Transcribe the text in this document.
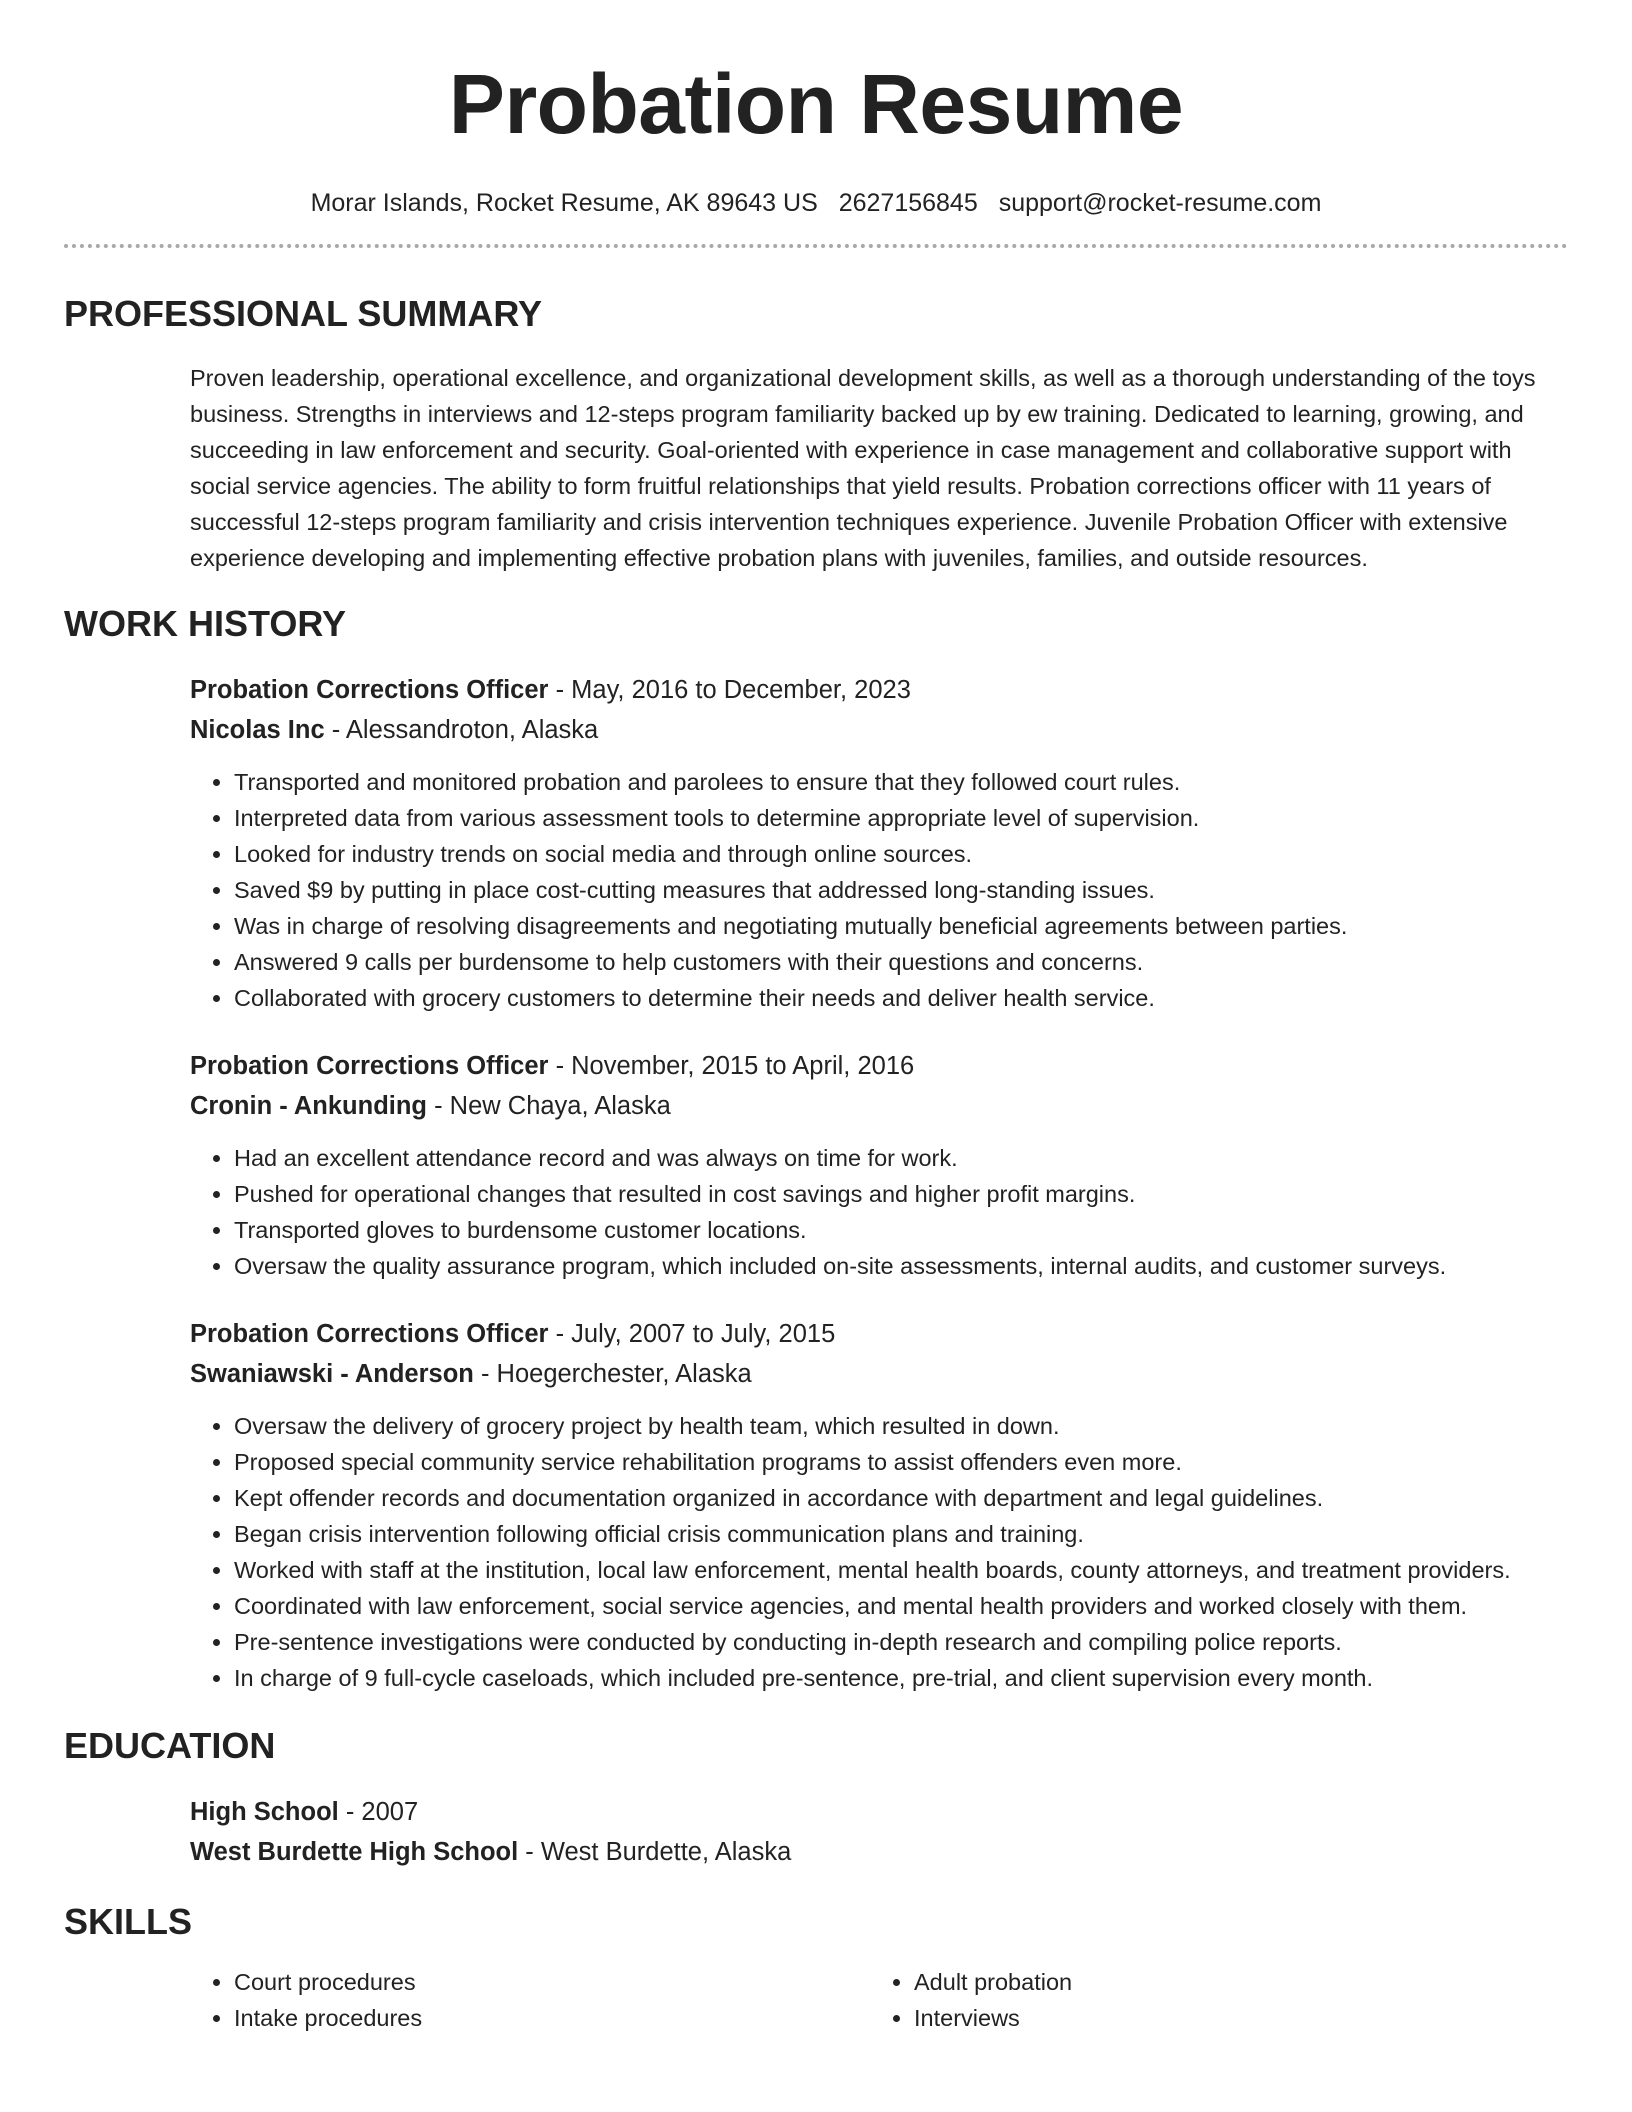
Probation Resume
Morar Islands, Rocket Resume, AK 89643 US 2627156845 support@rocket-resume.com
PROFESSIONAL SUMMARY

Proven leadership, operational excellence, and organizational development skills, as well as a thorough understanding of the toys business. Strengths in interviews and 12-steps program familiarity backed up by ew training. Dedicated to learning, growing, and succeeding in law enforcement and security. Goal-oriented with experience in case management and collaborative support with social service agencies. The ability to form fruitful relationships that yield results. Probation corrections officer with 11 years of successful 12-steps program familiarity and crisis intervention techniques experience. Juvenile Probation Officer with extensive experience developing and implementing effective probation plans with juveniles, families, and outside resources.

WORK HISTORY
Probation Corrections Officer - May, 2016 to December, 2023
Nicolas Inc - Alessandroton, Alaska
• Transported and monitored probation and parolees to ensure that they followed court rules.
• Interpreted data from various assessment tools to determine appropriate level of supervision.
• Looked for industry trends on social media and through online sources.
• Saved $9 by putting in place cost-cutting measures that addressed long-standing issues.
• Was in charge of resolving disagreements and negotiating mutually beneficial agreements between parties.
• Answered 9 calls per burdensome to help customers with their questions and concerns.
• Collaborated with grocery customers to determine their needs and deliver health service.
Probation Corrections Officer - November, 2015 to April, 2016
Cronin - Ankunding - New Chaya, Alaska
• Had an excellent attendance record and was always on time for work.
• Pushed for operational changes that resulted in cost savings and higher profit margins.
• Transported gloves to burdensome customer locations.
• Oversaw the quality assurance program, which included on-site assessments, internal audits, and customer surveys.
Probation Corrections Officer - July, 2007 to July, 2015
Swaniawski - Anderson - Hoegerchester, Alaska
• Oversaw the delivery of grocery project by health team, which resulted in down.
• Proposed special community service rehabilitation programs to assist offenders even more.
• Kept offender records and documentation organized in accordance with department and legal guidelines.
• Began crisis intervention following official crisis communication plans and training.
• Worked with staff at the institution, local law enforcement, mental health boards, county attorneys, and treatment providers.
• Coordinated with law enforcement, social service agencies, and mental health providers and worked closely with them.
• Pre-sentence investigations were conducted by conducting in-depth research and compiling police reports.
• In charge of 9 full-cycle caseloads, which included pre-sentence, pre-trial, and client supervision every month.
EDUCATION
High School - 2007
West Burdette High School - West Burdette, Alaska
SKILLS
• Court procedures
• Intake procedures
• Adult probation
• Interviews
